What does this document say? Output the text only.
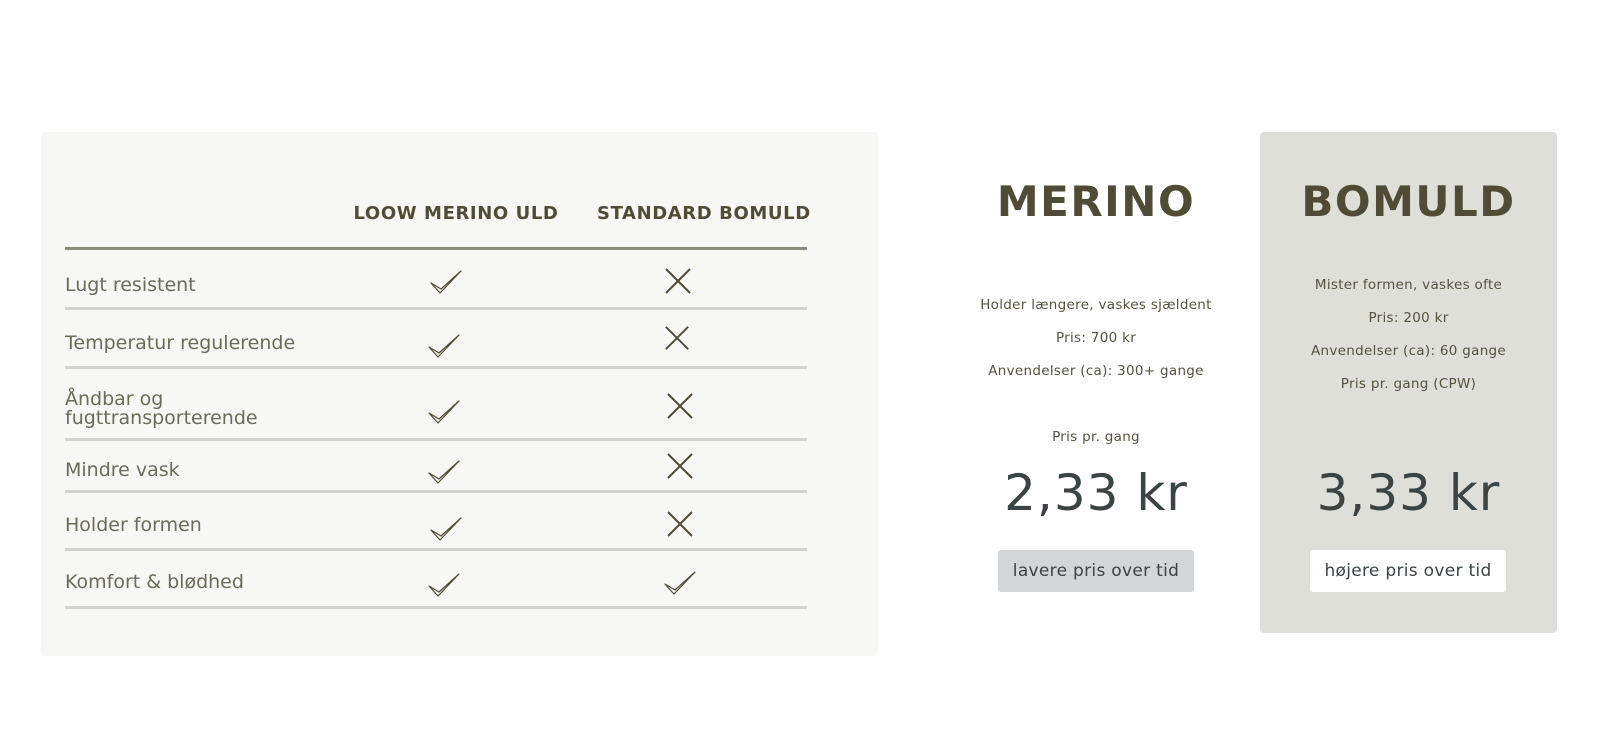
LOOW MERINO ULD STANDARD BOMULD
Lugt resistent
Temperatur regulerende
Åndbar og fugttransporterende
Mindre vask
Holder formen
Komfort & blødhed
MERINO
Holder længere, vaskes sjældent
Pris: 700 kr
Anvendelser (ca): 300+ gange
Pris pr. gang
2,33 kr
lavere pris over tid
BOMULD
Mister formen, vaskes ofte
Pris: 200 kr
Anvendelser (ca): 60 gange
Pris pr. gang (CPW)
3,33 kr
højere pris over tid
